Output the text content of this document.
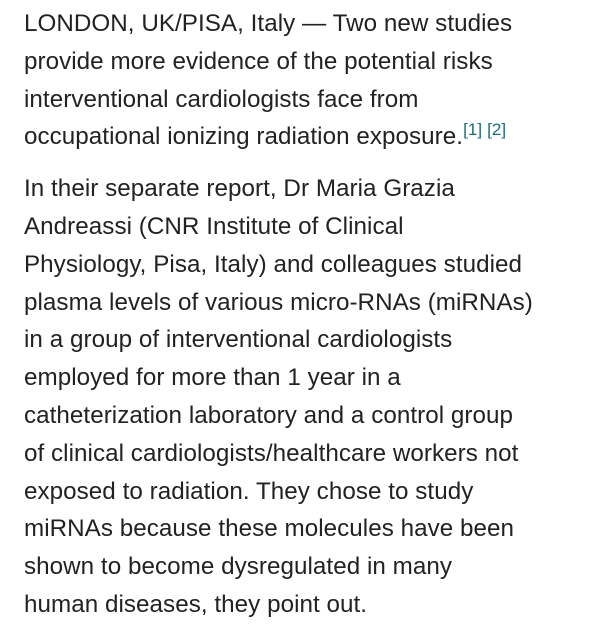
LONDON, UK/PISA, Italy — Two new studies
provide more evidence of the potential risks
interventional cardiologists face from
occupational ionizing radiation exposure.[1] [2]

In their separate report, Dr Maria Grazia
Andreassi (CNR Institute of Clinical
Physiology, Pisa, Italy) and colleagues studied
plasma levels of various micro-RNAs (miRNAs)
in a group of interventional cardiologists
employed for more than 1 year in a
catheterization laboratory and a control group
of clinical cardiologists/healthcare workers not
exposed to radiation. They chose to study
miRNAs because these molecules have been
shown to become dysregulated in many
human diseases, they point out.
